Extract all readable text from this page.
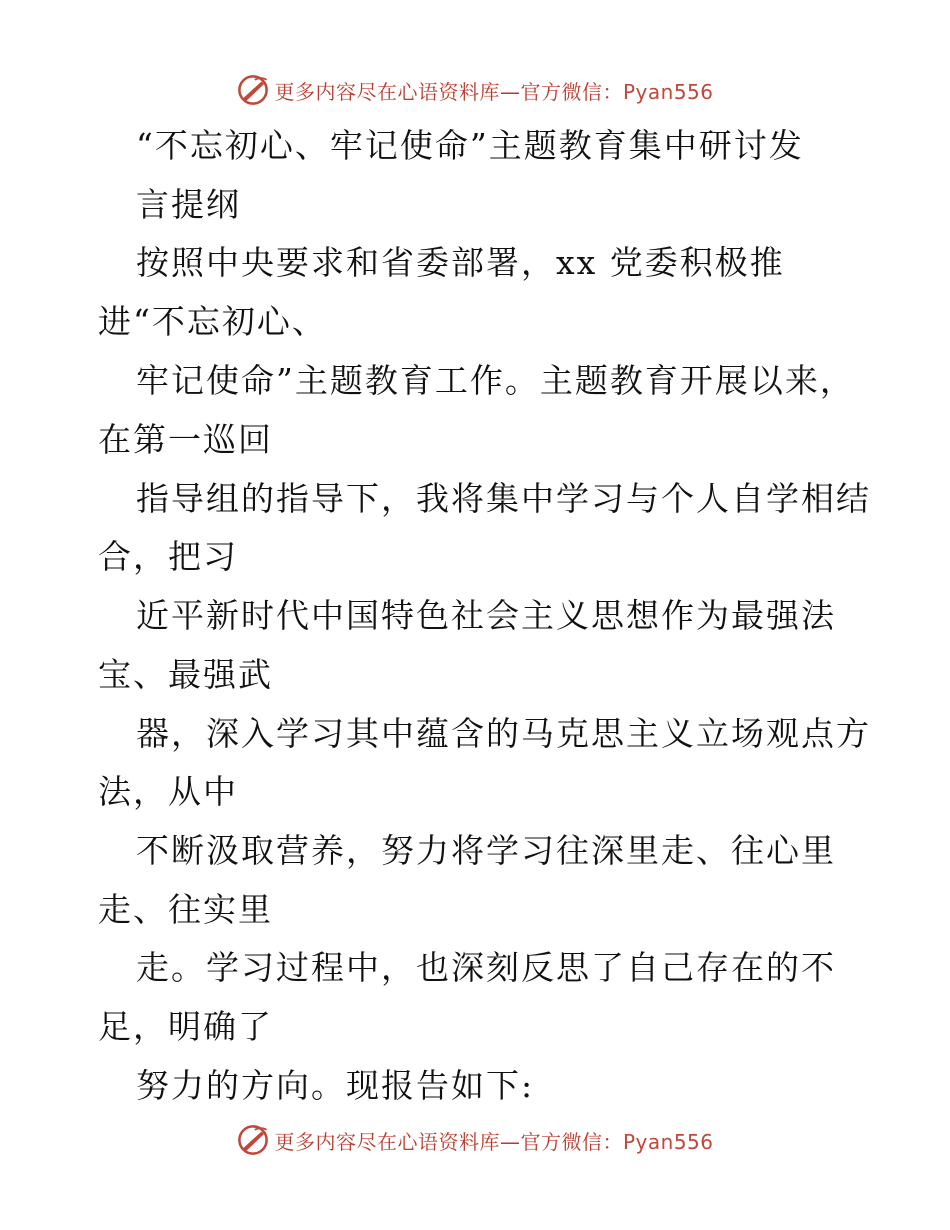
更多内容尽在心语资料库—官方微信：Pyan556
“不忘初心、牢记使命”主题教育集中研讨发
言提纲
按照中央要求和省委部署，xx 党委积极推
进“不忘初心、
牢记使命”主题教育工作。主题教育开展以来，
在第一巡回
指导组的指导下，我将集中学习与个人自学相结
合，把习
近平新时代中国特色社会主义思想作为最强法
宝、最强武
器，深入学习其中蕴含的马克思主义立场观点方
法，从中
不断汲取营养，努力将学习往深里走、往心里
走、往实里
走。学习过程中，也深刻反思了自己存在的不
足，明确了
努力的方向。现报告如下:
更多内容尽在心语资料库—官方微信：Pyan556
